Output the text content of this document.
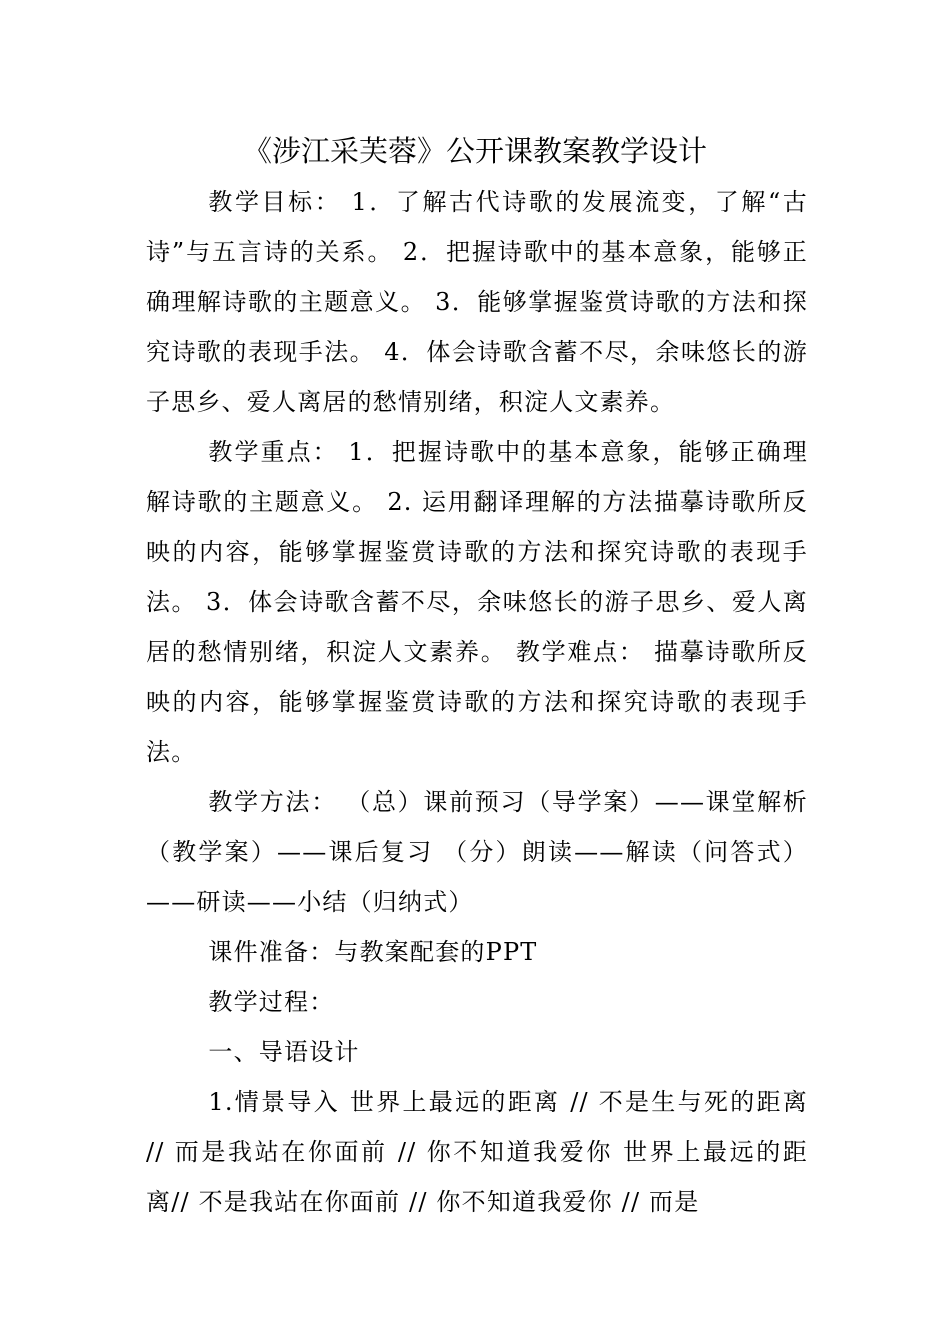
《涉江采芙蓉》公开课教案教学设计

教学目标： 1．了解古代诗歌的发展流变，了解“古诗”与五言诗的关系。 2．把握诗歌中的基本意象，能够正确理解诗歌的主题意义。 3．能够掌握鉴赏诗歌的方法和探究诗歌的表现手法。 4．体会诗歌含蓄不尽，余味悠长的游子思乡、爱人离居的愁情别绪，积淀人文素养。

教学重点： 1．把握诗歌中的基本意象，能够正确理解诗歌的主题意义。 2. 运用翻译理解的方法描摹诗歌所反映的内容，能够掌握鉴赏诗歌的方法和探究诗歌的表现手法。 3．体会诗歌含蓄不尽，余味悠长的游子思乡、爱人离居的愁情别绪，积淀人文素养。 教学难点： 描摹诗歌所反映的内容，能够掌握鉴赏诗歌的方法和探究诗歌的表现手法。

教学方法： （总）课前预习（导学案）——课堂解析（教学案）——课后复习 （分）朗读——解读（问答式）——研读——小结（归纳式）

课件准备：与教案配套的PPT

教学过程：

一、导语设计

1.情景导入 世界上最远的距离 // 不是生与死的距离 // 而是我站在你面前 // 你不知道我爱你 世界上最远的距离// 不是我站在你面前 // 你不知道我爱你 // 而是
